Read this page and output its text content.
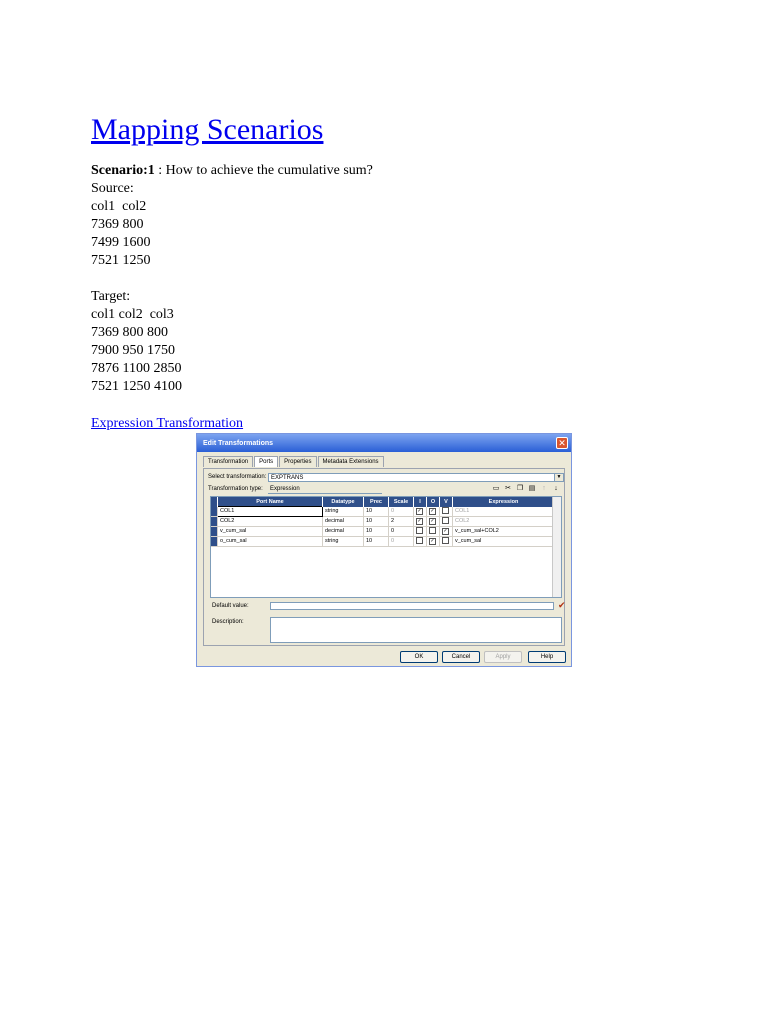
Mapping Scenarios
Scenario:1 : How to achieve the cumulative sum?
Source:
col1  col2
7369 800
7499 1600
7521 1250
Target:
col1 col2  col3
7369 800 800
7900 950 1750
7876 1100 2850
7521 1250 4100
Expression Transformation
Edit Transformations	✕
Transformation	Ports	Properties	Metadata Extensions
Select transformation: EXPTRANS	▼
Transformation type:	Expression	▭ ✂ ❐ ▤ ↑	↓
	Port Name	Datatype	Prec	Scale	I	O	V	Expression
	COL1	string	10	0	✓	✓		COL1
	COL2	decimal	10	2	✓	✓		COL2
	v_cum_sal	decimal	10	0			✓	v_cum_sal+COL2
	o_cum_sal	string	10	0		✓		v_cum_sal
Default value:	✔
Description:
OK	Cancel	Apply	Help
